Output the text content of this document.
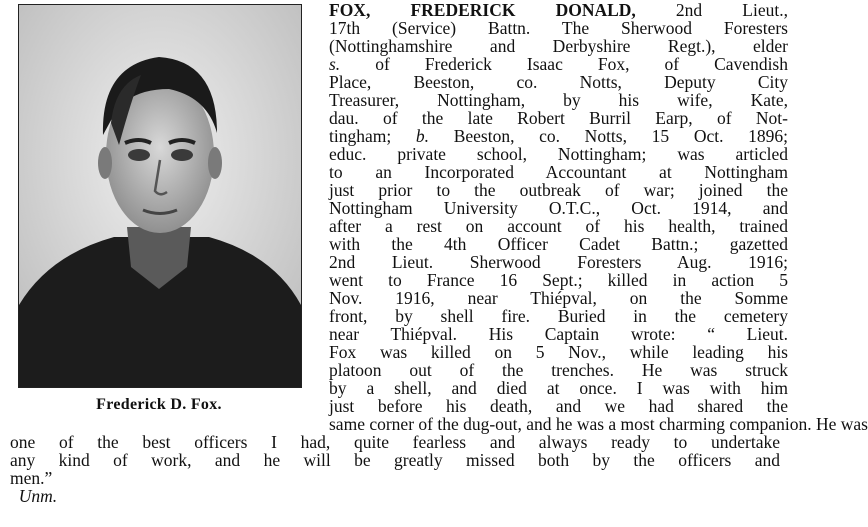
Frederick D. Fox.
FOX, FREDERICK DONALD, 2nd Lieut.,
17th (Service) Battn. The Sherwood Foresters
(Nottinghamshire and Derbyshire Regt.), elder
s. of Frederick Isaac Fox, of Cavendish
Place, Beeston, co. Notts, Deputy City
Treasurer, Nottingham, by his wife, Kate,
dau. of the late Robert Burril Earp, of Not-
tingham; b. Beeston, co. Notts, 15 Oct. 1896;
educ. private school, Nottingham; was articled
to an Incorporated Accountant at Nottingham
just prior to the outbreak of war; joined the
Nottingham University O.T.C., Oct. 1914, and
after a rest on account of his health, trained
with the 4th Officer Cadet Battn.; gazetted
2nd Lieut. Sherwood Foresters Aug. 1916;
went to France 16 Sept.; killed in action 5
Nov. 1916, near Thiépval, on the Somme
front, by shell fire. Buried in the cemetery
near Thiépval. His Captain wrote: “ Lieut.
Fox was killed on 5 Nov., while leading his
platoon out of the trenches. He was struck
by a shell, and died at once. I was with him
just before his death, and we had shared the
same corner of the dug-out, and he was a most charming companion. He was
one of the best officers I had, quite fearless and always ready to undertake
any kind of work, and he will be greatly missed both by the officers and
men.”
Unm.
